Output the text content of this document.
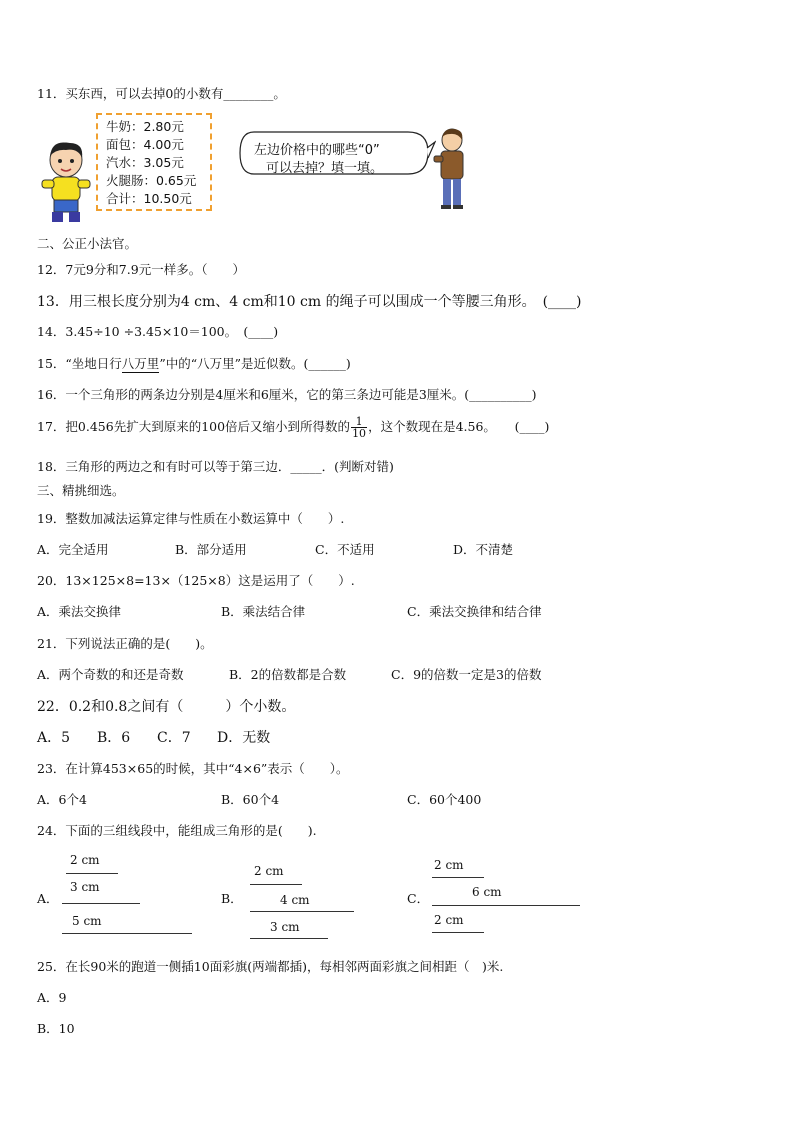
11．买东西，可以去掉0的小数有________。
牛奶：2.80元
面包：4.00元
汽水：3.05元
火腿肠：0.65元
合计：10.50元
左边价格中的哪些“0”
可以去掉？填一填。
二、公正小法官。
12．7元9分和7.9元一样多。（　　）
13．用三根长度分别为4 cm、4 cm和10 cm 的绳子可以围成一个等腰三角形。　(____)
14．3.45÷10 ÷3.45×10＝100。　(____)
15．“坐地日行八万里”中的“八万里”是近似数。(______)
16．一个三角形的两条边分别是4厘米和6厘米，它的第三条边可能是3厘米。(__________)
17．把0.456先扩大到原来的100倍后又缩小到所得数的 $\frac{1}{10}$ ，这个数现在是4.56。　　(____)
18．三角形的两边之和有时可以等于第三边．_____．(判断对错)
三、精挑细选。
19．整数加减法运算定律与性质在小数运算中（　　）.
A．完全适用	B．部分适用	C．不适用	D．不清楚
20．13×125×8=13×（125×8）这是运用了（　　）.
A．乘法交换律	B．乘法结合律	C．乘法交换律和结合律
21．下列说法正确的是(　　)。
A．两个奇数的和还是奇数	B．2的倍数都是合数	C．9的倍数一定是3的倍数
22．0.2和0.8之间有（　　　）个小数。
A．5 B．6 C．7 D．无数
23．在计算453×65的时候，其中“4×6”表示（　　）。
A．6个4	B．60个4	C．60个400
24．下面的三组线段中，能组成三角形的是(　　).
A．
2 cm
3 cm
5 cm
B．
2 cm
4 cm
3 cm
C．
2 cm
6 cm
2 cm
25．在长90米的跑道一侧插10面彩旗(两端都插)，每相邻两面彩旗之间相距（　)米.
A．9
B．10
